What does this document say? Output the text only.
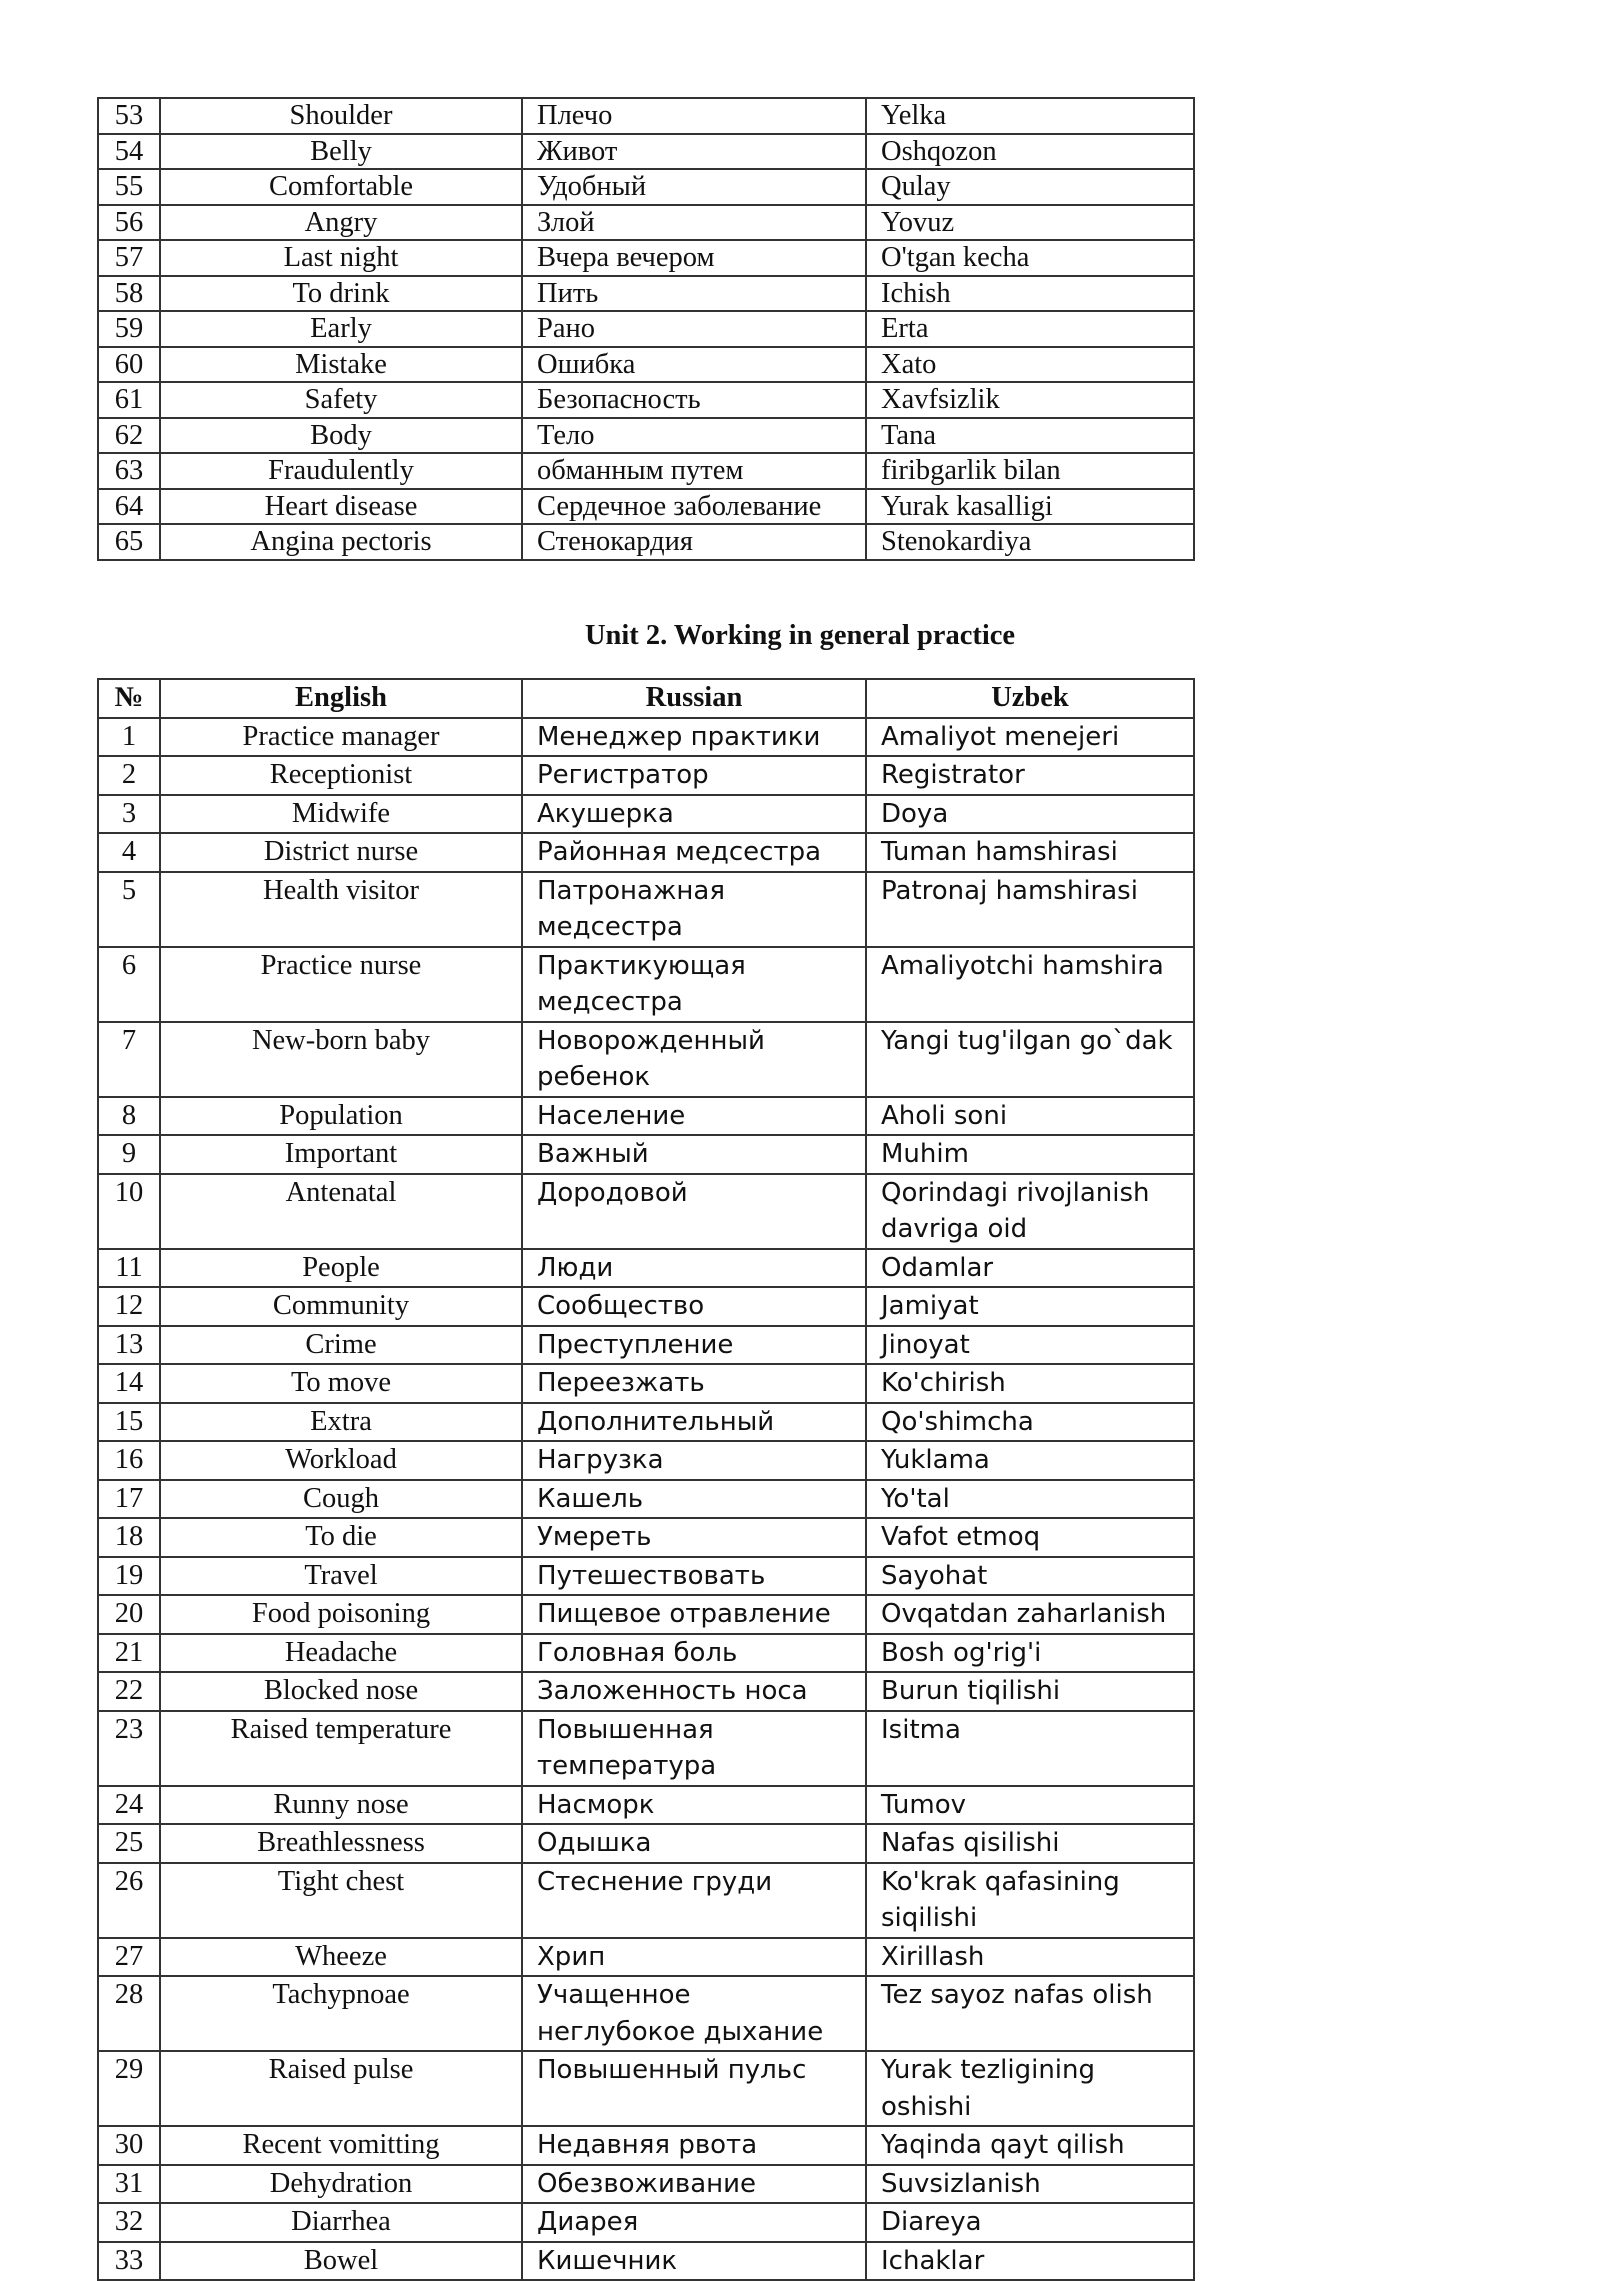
53	Shoulder	Плечо	Yelka
54	Belly	Живот	Oshqozon
55	Comfortable	Удобный	Qulay
56	Angry	Злой	Yovuz
57	Last night	Вчера вечером	O'tgan kecha
58	To drink	Пить	Ichish
59	Early	Рано	Erta
60	Mistake	Ошибка	Xato
61	Safety	Безопасность	Xavfsizlik
62	Body	Тело	Tana
63	Fraudulently	обманным путем	firibgarlik bilan
64	Heart disease	Сердечное заболевание	Yurak kasalligi
65	Angina pectoris	Стенокардия	Stenokardiya
Unit 2. Working in general practice
№	English	Russian	Uzbek
1	Practice manager	Менеджер практики	Amaliyot menejeri
2	Receptionist	Регистратор	Registrator
3	Midwife	Акушерка	Doya
4	District nurse	Районная медсестра	Tuman hamshirasi
5	Health visitor	Патронажная медсестра	Patronaj hamshirasi
6	Practice nurse	Практикующая медсестра	Amaliyotchi hamshira
7	New-born baby	Новорожденный ребенок	Yangi tug'ilgan go`dak
8	Population	Население	Aholi soni
9	Important	Важный	Muhim
10	Antenatal	Дородовой	Qorindagi rivojlanish davriga oid
11	People	Люди	Odamlar
12	Community	Сообщество	Jamiyat
13	Crime	Преступление	Jinoyat
14	To move	Переезжать	Ko'chirish
15	Extra	Дополнительный	Qo'shimcha
16	Workload	Нагрузка	Yuklama
17	Cough	Кашель	Yo'tal
18	To die	Умереть	Vafot etmoq
19	Travel	Путешествовать	Sayohat
20	Food poisoning	Пищевое отравление	Ovqatdan zaharlanish
21	Headache	Головная боль	Bosh og'rig'i
22	Blocked nose	Заложенность носа	Burun tiqilishi
23	Raised temperature	Повышенная температура	Isitma
24	Runny nose	Насморк	Tumov
25	Breathlessness	Одышка	Nafas qisilishi
26	Tight chest	Стеснение груди	Ko'krak qafasining siqilishi
27	Wheeze	Хрип	Xirillash
28	Tachypnoae	Учащенное неглубокое дыхание	Tez sayoz nafas olish
29	Raised pulse	Повышенный пульс	Yurak tezligining oshishi
30	Recent vomitting	Недавняя рвота	Yaqinda qayt qilish
31	Dehydration	Обезвоживание	Suvsizlanish
32	Diarrhea	Диарея	Diareya
33	Bowel	Кишечник	Ichaklar
